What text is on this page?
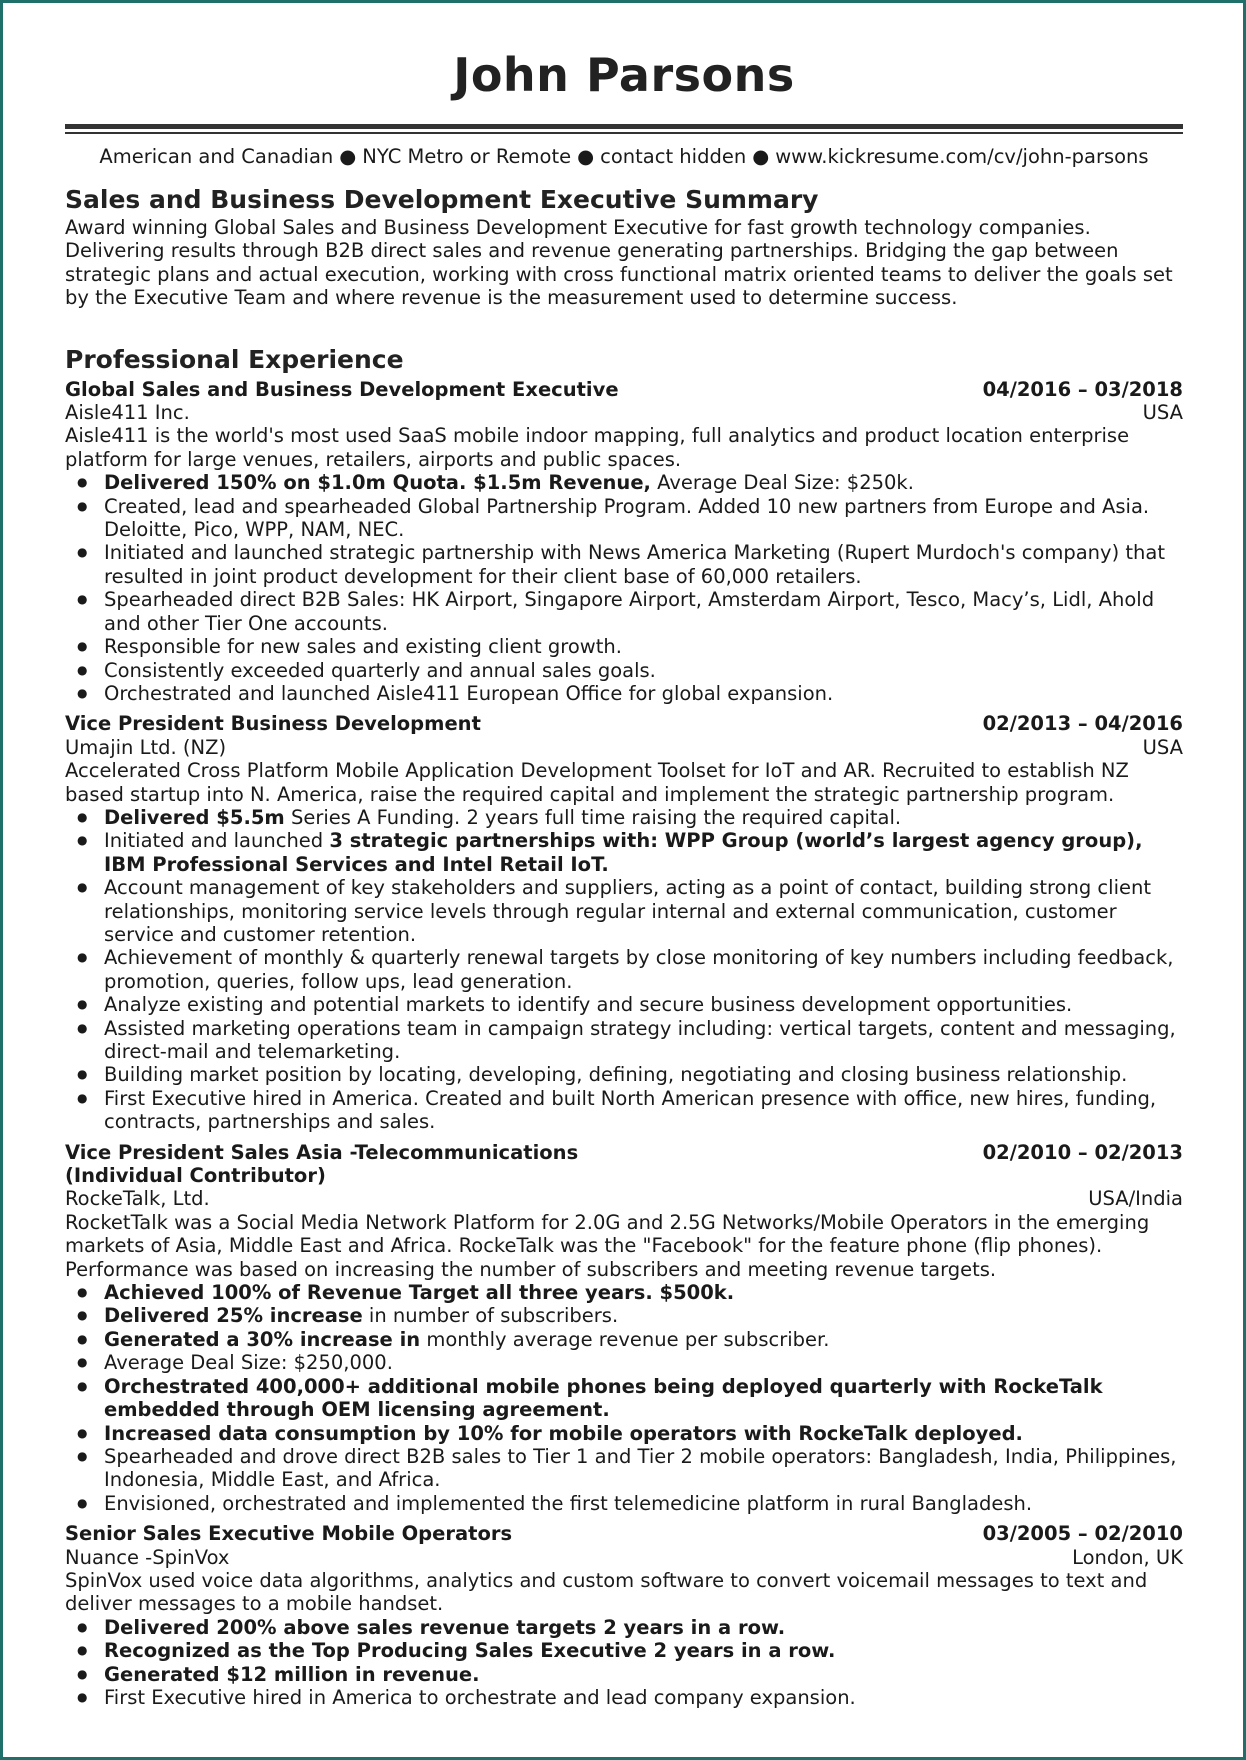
John Parsons
American and Canadian ● NYC Metro or Remote ● contact hidden ● www.kickresume.com/cv/john-parsons
Sales and Business Development Executive Summary

Award winning Global Sales and Business Development Executive for fast growth technology companies. Delivering results through B2B direct sales and revenue generating partnerships. Bridging the gap between strategic plans and actual execution, working with cross functional matrix oriented teams to deliver the goals set by the Executive Team and where revenue is the measurement used to determine success.

Professional Experience
Global Sales and Business Development Executive	04/2016 – 03/2018
Aisle411 Inc.	USA

Aisle411 is the world's most used SaaS mobile indoor mapping, full analytics and product location enterprise platform for large venues, retailers, airports and public spaces.

● Delivered 150% on $1.0m Quota. $1.5m Revenue, Average Deal Size: $250k.
● Created, lead and spearheaded Global Partnership Program. Added 10 new partners from Europe and Asia. Deloitte, Pico, WPP, NAM, NEC.
● Initiated and launched strategic partnership with News America Marketing (Rupert Murdoch's company) that resulted in joint product development for their client base of 60,000 retailers.
● Spearheaded direct B2B Sales: HK Airport, Singapore Airport, Amsterdam Airport, Tesco, Macy’s, Lidl, Ahold and other Tier One accounts.
● Responsible for new sales and existing client growth.
● Consistently exceeded quarterly and annual sales goals.
● Orchestrated and launched Aisle411 European Office for global expansion.
Vice President Business Development	02/2013 – 04/2016
Umajin Ltd. (NZ)	USA

Accelerated Cross Platform Mobile Application Development Toolset for IoT and AR. Recruited to establish NZ based startup into N. America, raise the required capital and implement the strategic partnership program.

● Delivered $5.5m Series A Funding. 2 years full time raising the required capital.
● Initiated and launched 3 strategic partnerships with: WPP Group (world’s largest agency group), IBM Professional Services and Intel Retail IoT.
● Account management of key stakeholders and suppliers, acting as a point of contact, building strong client relationships, monitoring service levels through regular internal and external communication, customer service and customer retention.
● Achievement of monthly & quarterly renewal targets by close monitoring of key numbers including feedback, promotion, queries, follow ups, lead generation.
● Analyze existing and potential markets to identify and secure business development opportunities.
● Assisted marketing operations team in campaign strategy including: vertical targets, content and messaging, direct-mail and telemarketing.
● Building market position by locating, developing, defining, negotiating and closing business relationship.
● First Executive hired in America. Created and built North American presence with office, new hires, funding, contracts, partnerships and sales.
Vice President Sales Asia -Telecommunications	02/2010 – 02/2013
(Individual Contributor)
RockeTalk, Ltd.	USA/India

RocketTalk was a Social Media Network Platform for 2.0G and 2.5G Networks/Mobile Operators in the emerging markets of Asia, Middle East and Africa. RockeTalk was the "Facebook" for the feature phone (flip phones). Performance was based on increasing the number of subscribers and meeting revenue targets.

● Achieved 100% of Revenue Target all three years. $500k.
● Delivered 25% increase in number of subscribers.
● Generated a 30% increase in monthly average revenue per subscriber.
● Average Deal Size: $250,000.
● Orchestrated 400,000+ additional mobile phones being deployed quarterly with RockeTalk embedded through OEM licensing agreement.
● Increased data consumption by 10% for mobile operators with RockeTalk deployed.
● Spearheaded and drove direct B2B sales to Tier 1 and Tier 2 mobile operators: Bangladesh, India, Philippines, Indonesia, Middle East, and Africa.
● Envisioned, orchestrated and implemented the first telemedicine platform in rural Bangladesh.
Senior Sales Executive Mobile Operators	03/2005 – 02/2010
Nuance -SpinVox	London, UK

SpinVox used voice data algorithms, analytics and custom software to convert voicemail messages to text and deliver messages to a mobile handset.

● Delivered 200% above sales revenue targets 2 years in a row.
● Recognized as the Top Producing Sales Executive 2 years in a row.
● Generated $12 million in revenue.
● First Executive hired in America to orchestrate and lead company expansion.
